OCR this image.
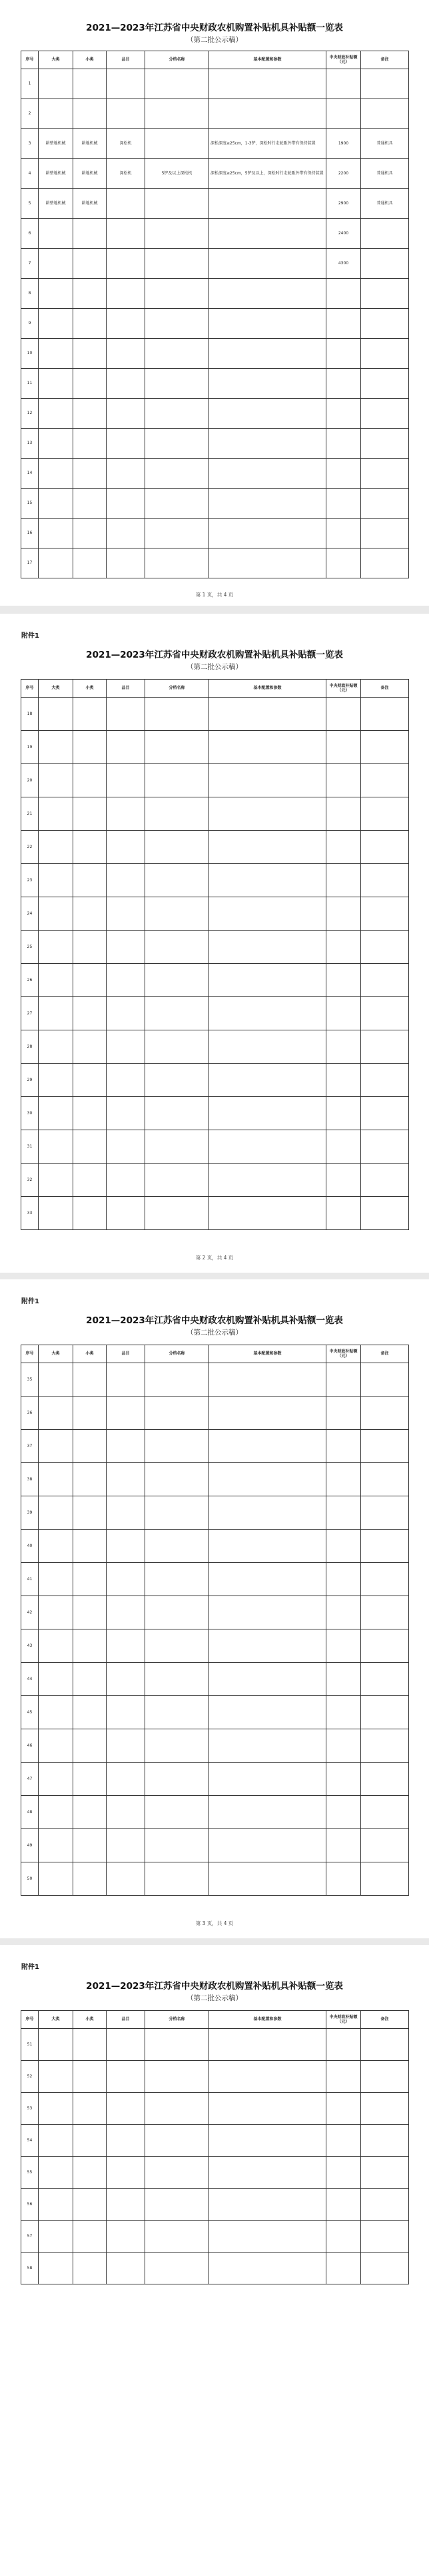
2021—2023年江苏省中央财政农机购置补贴机具补贴额一览表
（第二批公示稿）
序号	大类	小类	品目	分档名称	基本配置和参数	中央财政补贴额（元）	备注
1							
2							
3	耕整地机械	耕地机械	深松机		深松深度≥25cm，1-3铲，深松时行走轮距外带有保持装置	1900	普通机具
4	耕整地机械	耕地机械	深松机	5铲及以上深松机	深松深度≥25cm，5铲及以上，深松时行走轮距外带有保持装置	2200	普通机具
5	耕整地机械	耕地机械				2900	普通机具
6						2400	
7						4300	
8							
9							
10							
11							
12							
13							
14							
15							
16							
17							
第 1 页，共 4 页
附件1
2021—2023年江苏省中央财政农机购置补贴机具补贴额一览表
（第二批公示稿）
序号	大类	小类	品目	分档名称	基本配置和参数	中央财政补贴额（元）	备注
18							
19							
20							
21							
22							
23							
24							
25							
26							
27							
28							
29							
30							
31							
32							
33							
第 2 页，共 4 页
附件1
2021—2023年江苏省中央财政农机购置补贴机具补贴额一览表
（第二批公示稿）
序号	大类	小类	品目	分档名称	基本配置和参数	中央财政补贴额（元）	备注
35							
36							
37							
38							
39							
40							
41							
42							
43							
44							
45							
46							
47							
48							
49							
50							
第 3 页，共 4 页
附件1
2021—2023年江苏省中央财政农机购置补贴机具补贴额一览表
（第二批公示稿）
序号	大类	小类	品目	分档名称	基本配置和参数	中央财政补贴额（元）	备注
51							
52							
53							
54							
55							
56							
57							
58							
